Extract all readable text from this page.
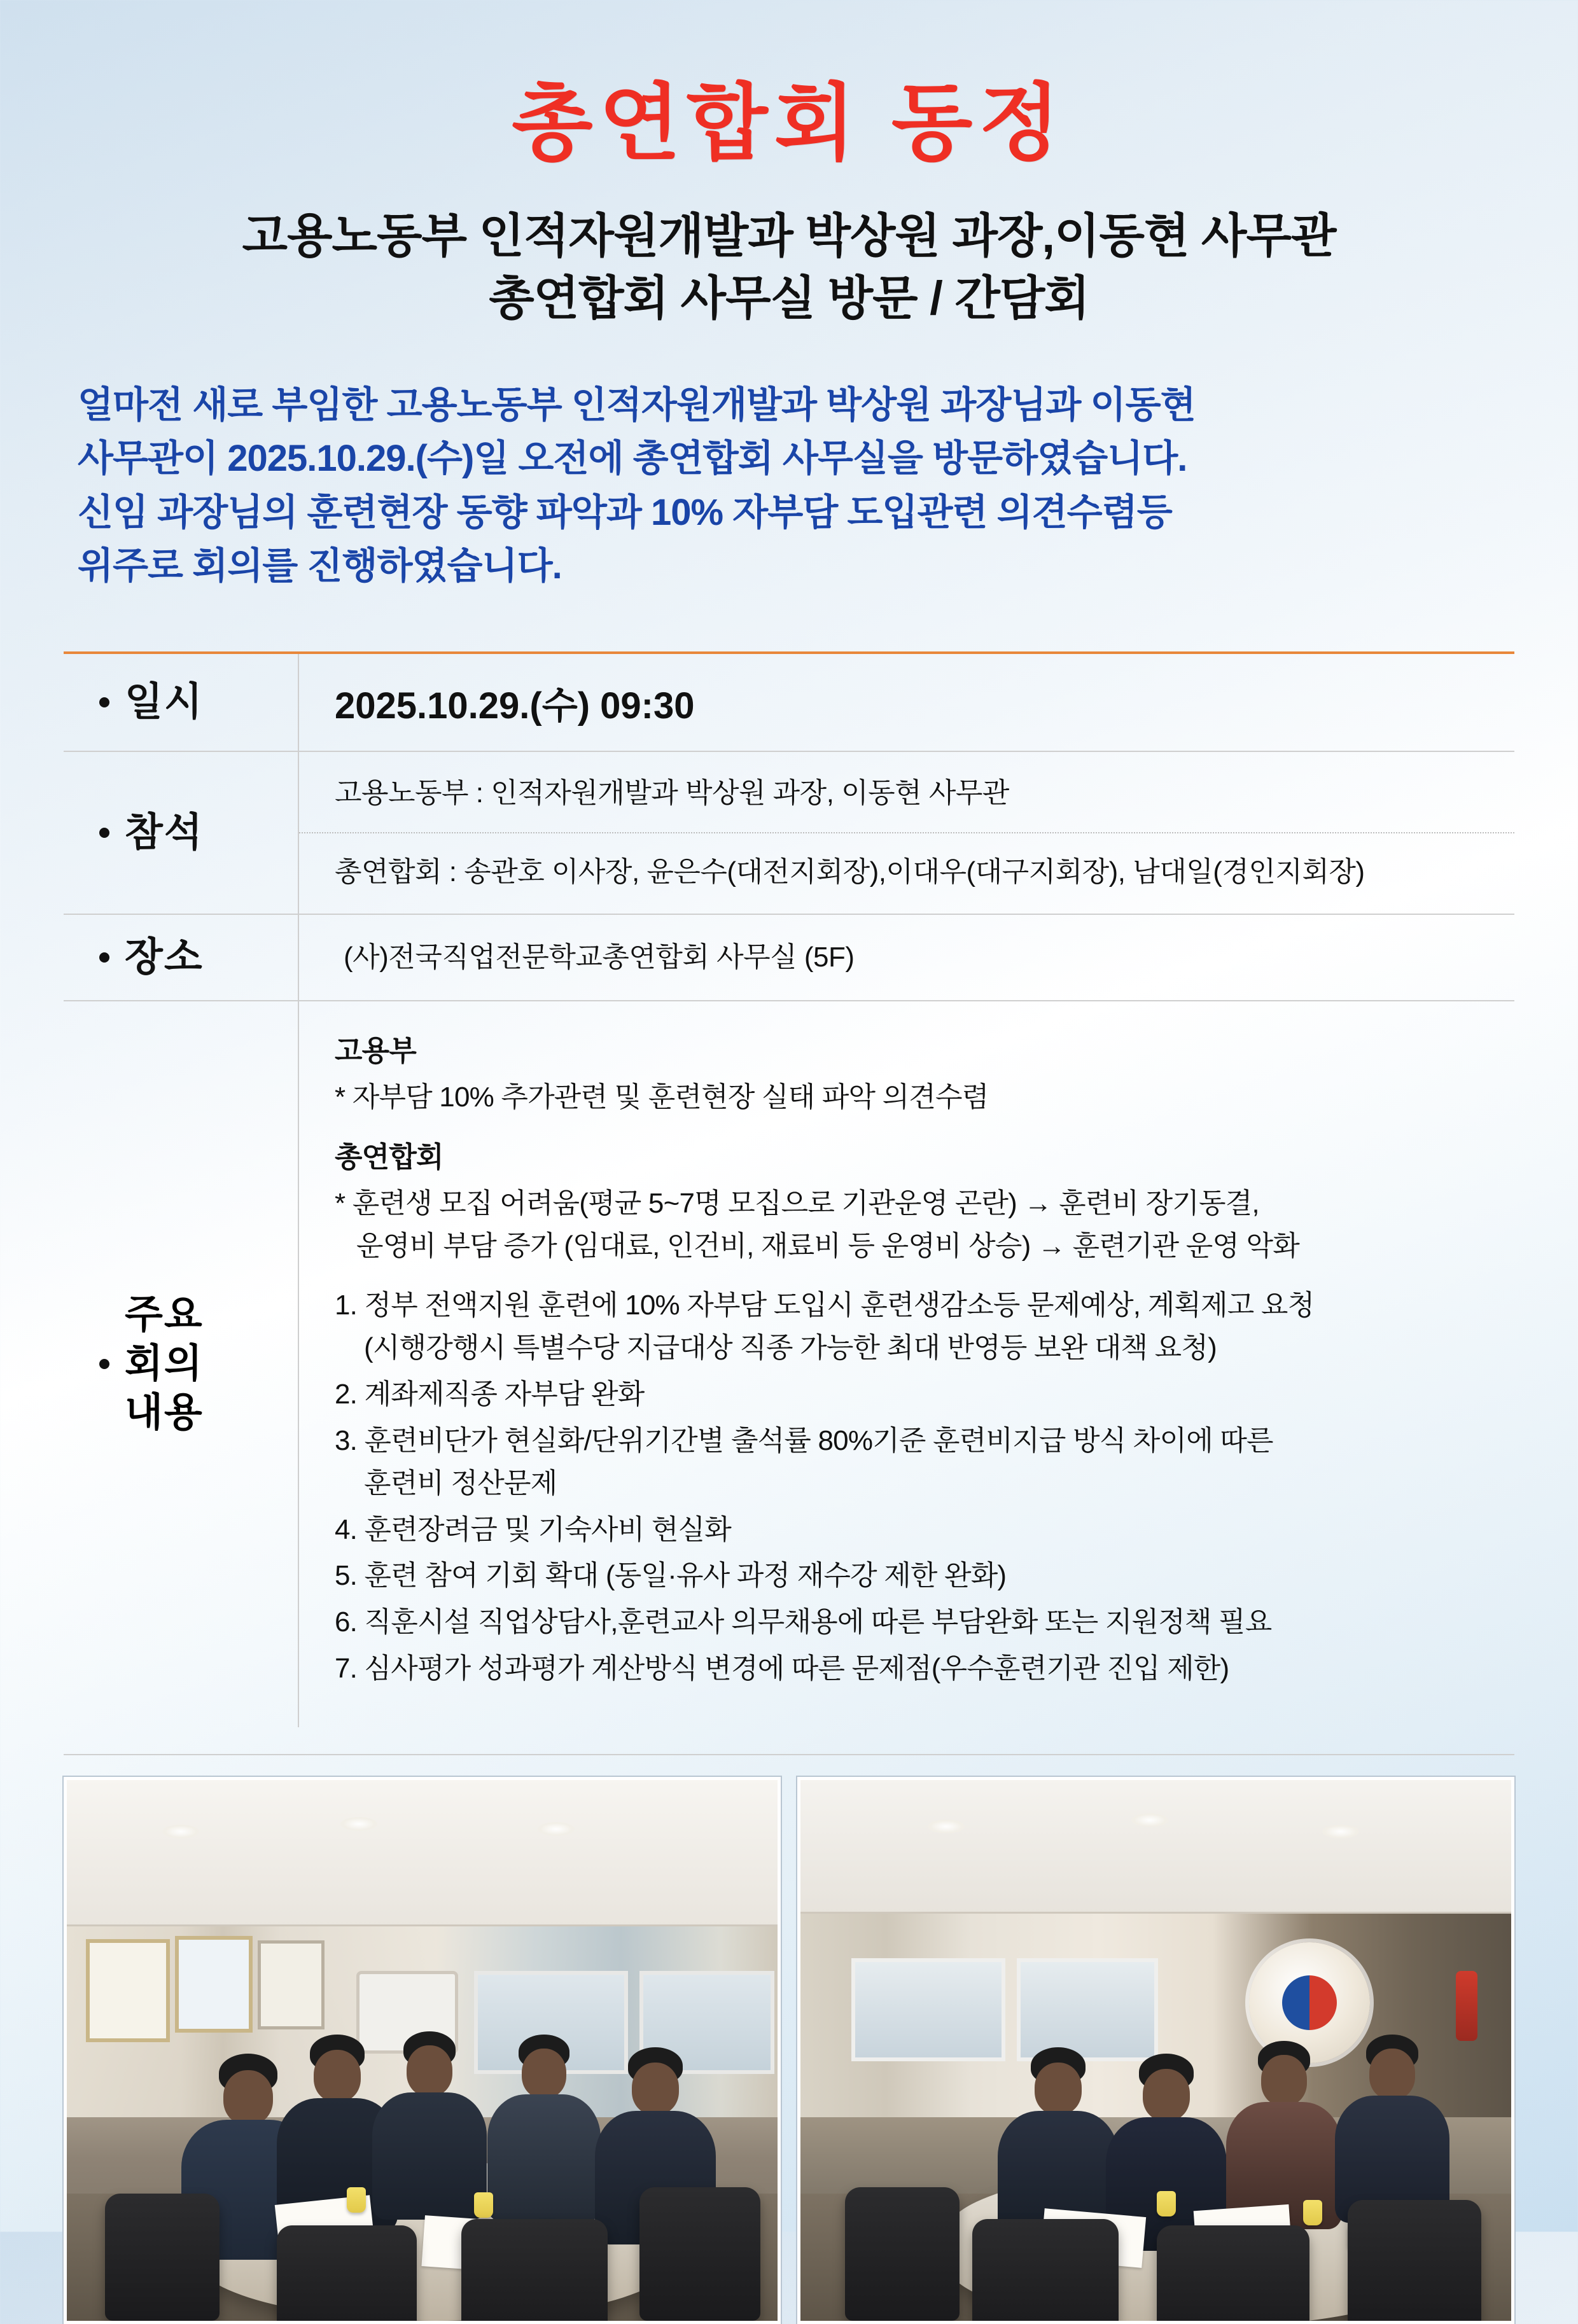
총연합회 동정
고용노동부 인적자원개발과 박상원 과장,이동현 사무관
총연합회 사무실 방문 / 간담회
얼마전 새로 부임한 고용노동부 인적자원개발과 박상원 과장님과 이동현
사무관이 2025.10.29.(수)일 오전에 총연합회 사무실을 방문하였습니다.
신임 과장님의 훈련현장 동향 파악과 10% 자부담 도입관련 의견수렴등
위주로 회의를 진행하였습니다.
일시	2025.10.29.(수) 09:30
참석
고용노동부 : 인적자원개발과 박상원 과장, 이동현 사무관
총연합회 : 송관호 이사장, 윤은수(대전지회장),이대우(대구지회장), 남대일(경인지회장)
장소	(사)전국직업전문학교총연합회 사무실 (5F)
주요
회의
내용
고용부
* 자부담 10% 추가관련 및 훈련현장 실태 파악 의견수렴
총연합회
* 훈련생 모집 어려움(평균 5~7명 모집으로 기관운영 곤란) → 훈련비 장기동결,
운영비 부담 증가 (임대료, 인건비, 재료비 등 운영비 상승) → 훈련기관 운영 악화
1. 정부 전액지원 훈련에 10% 자부담 도입시 훈련생감소등 문제예상, 계획제고 요청
(시행강행시 특별수당 지급대상 직종 가능한 최대 반영등 보완 대책 요청)
2. 계좌제직종 자부담 완화
3. 훈련비단가 현실화/단위기간별 출석률 80%기준 훈련비지급 방식 차이에 따른
훈련비 정산문제
4. 훈련장려금 및 기숙사비 현실화
5. 훈련 참여 기회 확대 (동일·유사 과정 재수강 제한 완화)
6. 직훈시설 직업상담사,훈련교사 의무채용에 따른 부담완화 또는 지원정책 필요
7. 심사평가 성과평가 계산방식 변경에 따른 문제점(우수훈련기관 진입 제한)
